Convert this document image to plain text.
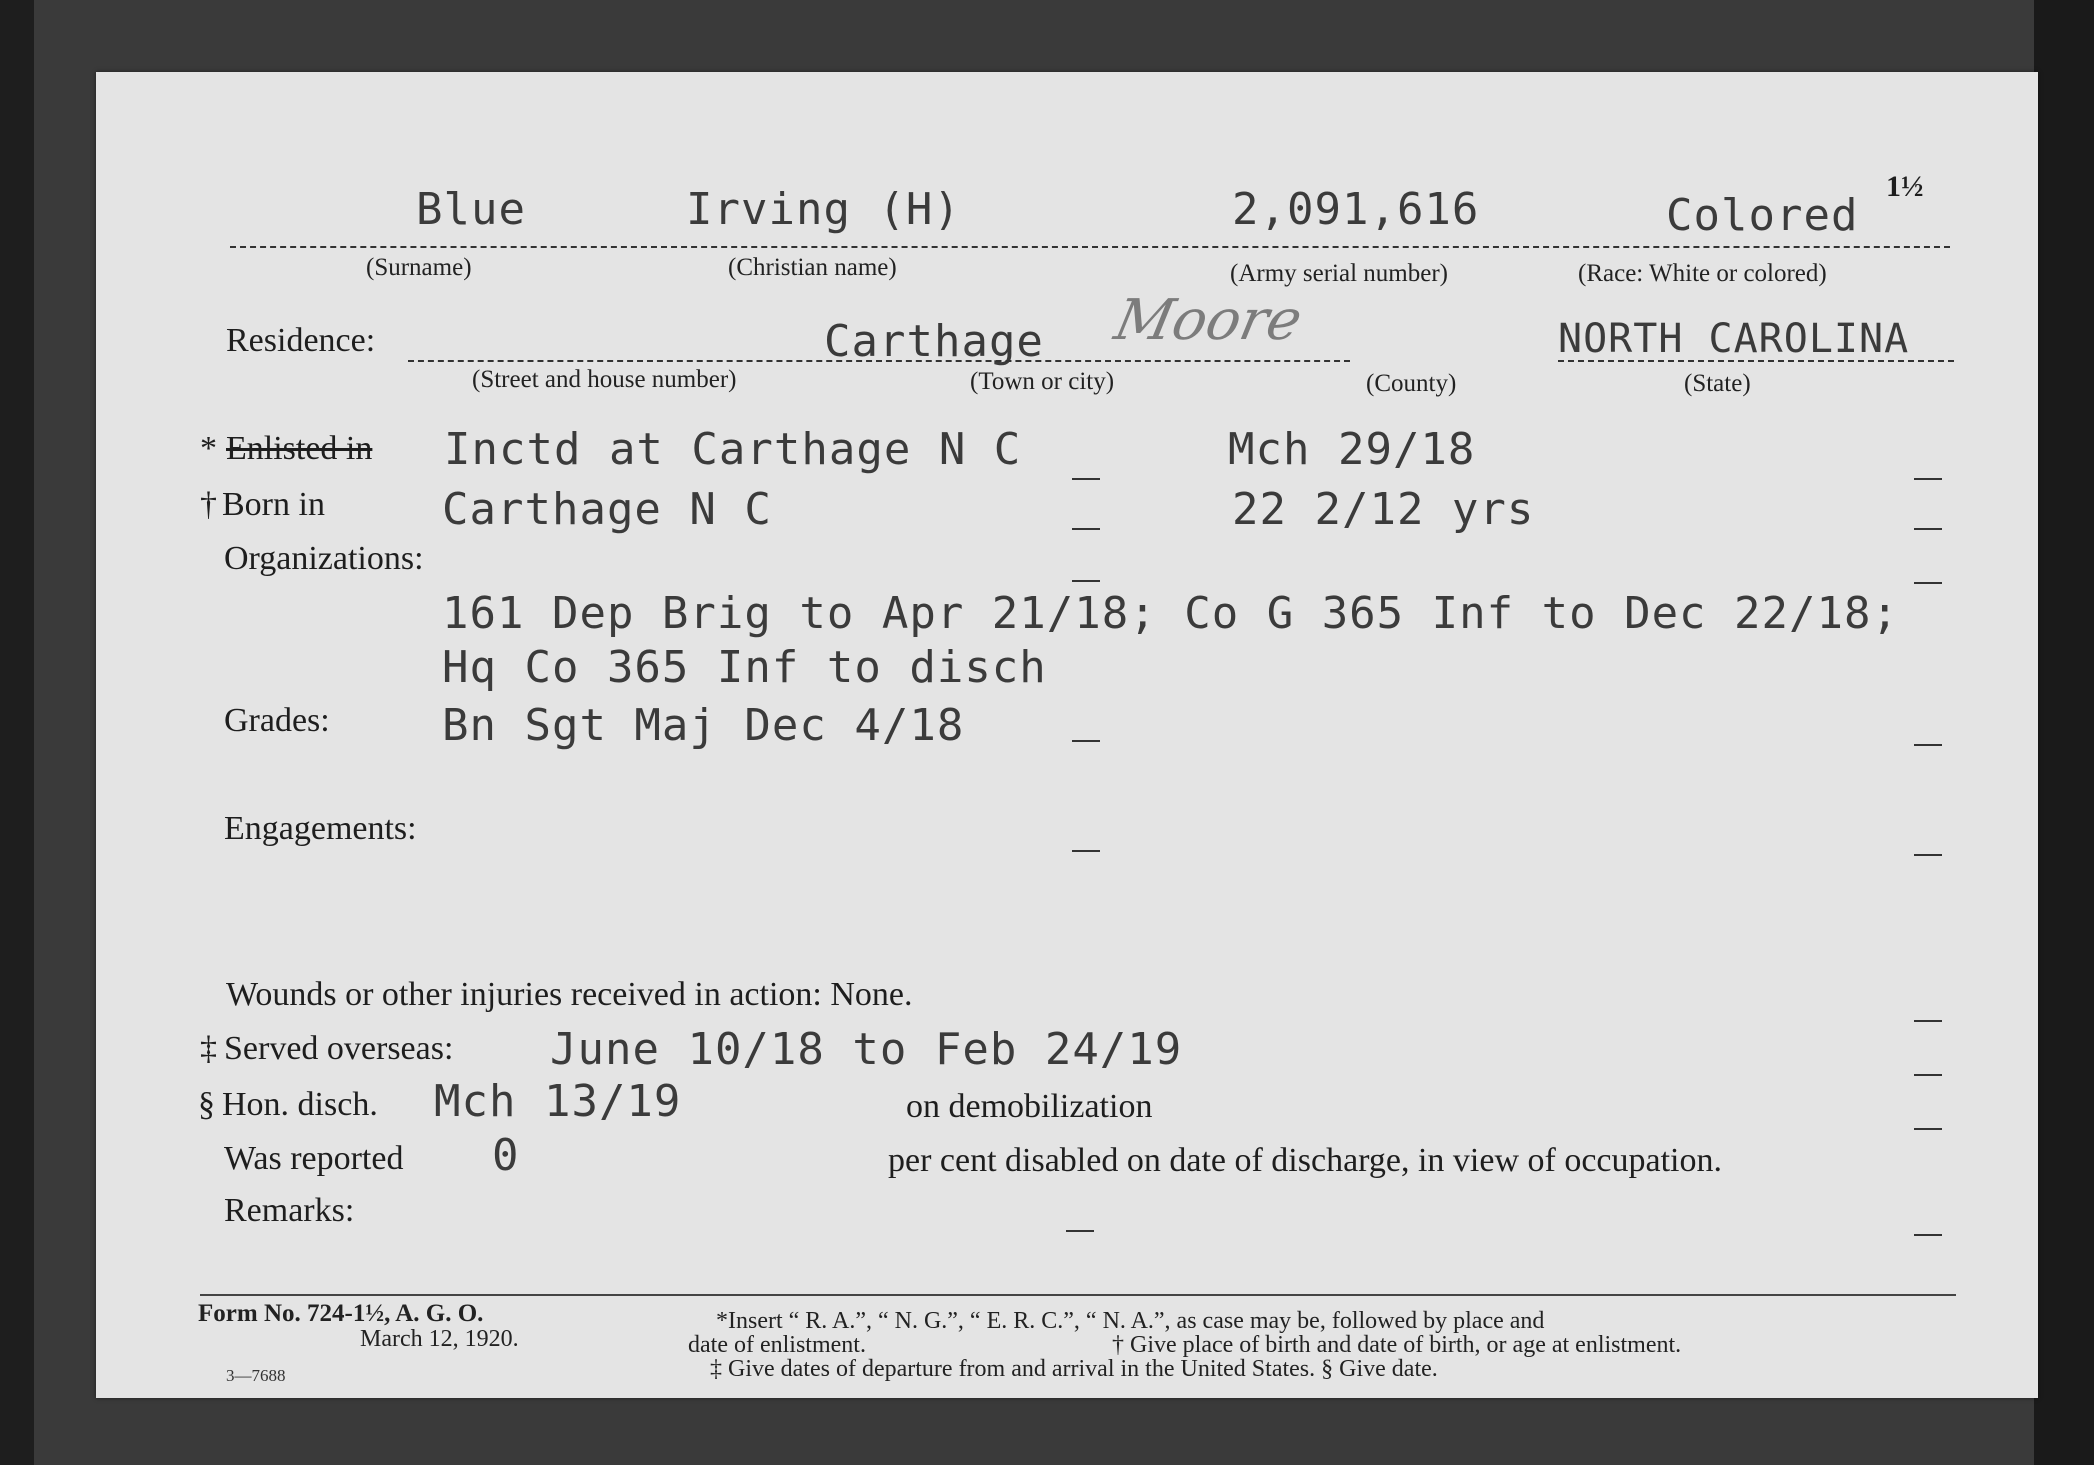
1½
Blue	Irving (H)	2,091,616	Colored
(Surname)	(Christian name)	(Army serial number)	(Race: White or colored)
Residence:	Carthage Moore	NORTH CAROLINA
(Street and house number)	(Town or city)	(County)	(State)
* Enlisted in Inctd at Carthage N C	Mch 29/18
† Born in	Carthage N C	22 2/12 yrs
Organizations:
161 Dep Brig to Apr 21/18; Co G 365 Inf to Dec 22/18;
Hq Co 365 Inf to disch
Grades:	Bn Sgt Maj Dec 4/18
Engagements:
Wounds or other injuries received in action: None.
‡ Served overseas: June 10/18 to Feb 24/19
§ Hon. disch. Mch 13/19	on demobilization
Was reported 0	per cent disabled on date of discharge, in view of occupation.
Remarks:
Form No. 724-1½, A. G. O.
March 12, 1920.
3—7688
*Insert “ R. A.”, “ N. G.”, “ E. R. C.”, “ N. A.”, as case may be, followed by place and
date of enlistment.	† Give place of birth and date of birth, or age at enlistment.
‡ Give dates of departure from and arrival in the United States. § Give date.
